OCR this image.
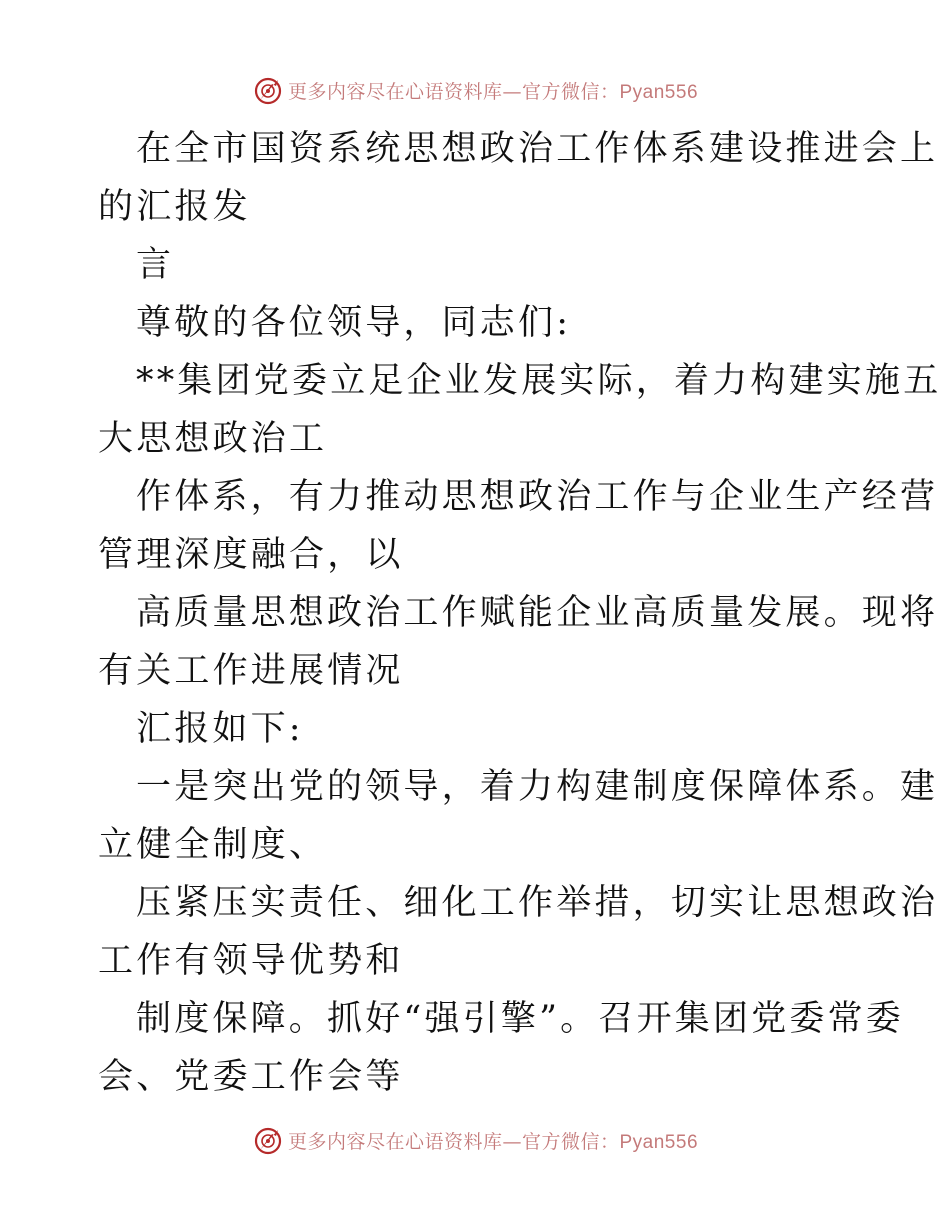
更多内容尽在心语资料库—官方微信：Pyan556
在全市国资系统思想政治工作体系建设推进会上
的汇报发
言
尊敬的各位领导，同志们:
**集团党委立足企业发展实际，着力构建实施五
大思想政治工
作体系，有力推动思想政治工作与企业生产经营
管理深度融合，以
高质量思想政治工作赋能企业高质量发展。现将
有关工作进展情况
汇报如下:
一是突出党的领导，着力构建制度保障体系。建
立健全制度、
压紧压实责任、细化工作举措，切实让思想政治
工作有领导优势和
制度保障。抓好“强引擎”。召开集团党委常委
会、党委工作会等
更多内容尽在心语资料库—官方微信：Pyan556
